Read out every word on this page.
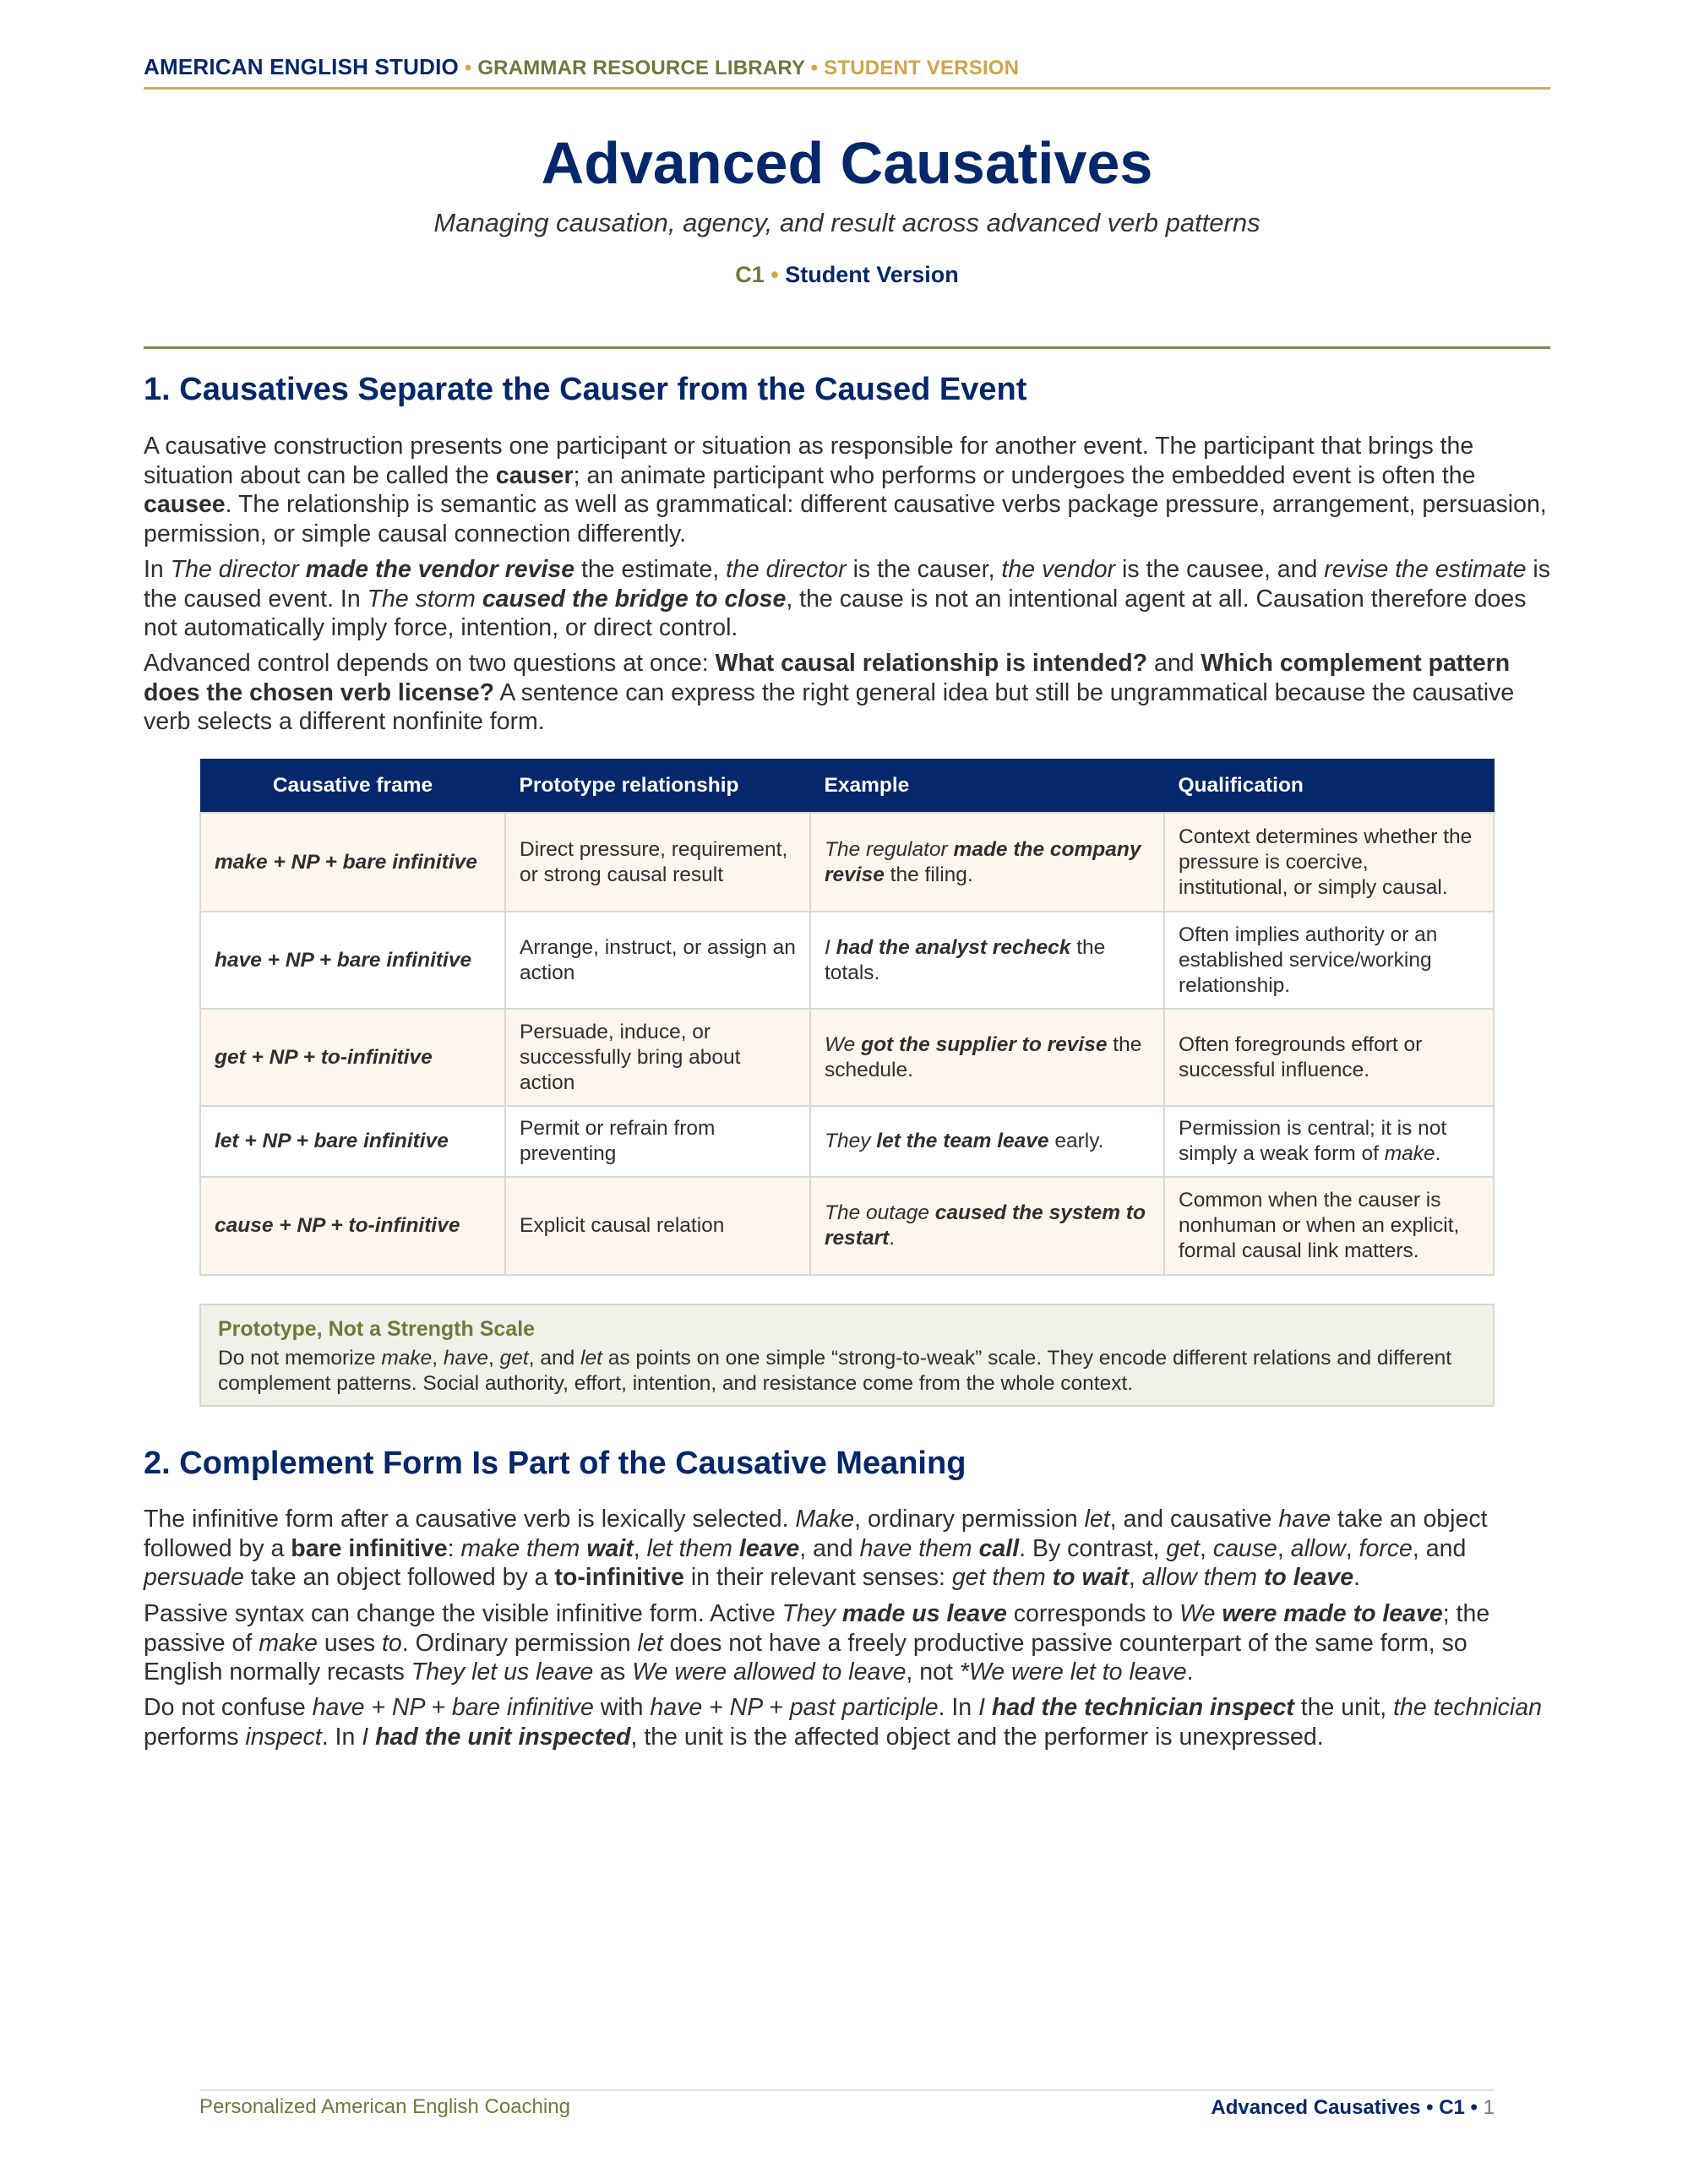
AMERICAN ENGLISH STUDIO • GRAMMAR RESOURCE LIBRARY • STUDENT VERSION
Advanced Causatives
Managing causation, agency, and result across advanced verb patterns
C1 • Student Version
1. Causatives Separate the Causer from the Caused Event

A causative construction presents one participant or situation as responsible for another event. The participant that brings the situation about can be called the causer; an animate participant who performs or undergoes the embedded event is often the causee. The relationship is semantic as well as grammatical: different causative verbs package pressure, arrangement, persuasion, permission, or simple causal connection differently.

In The director made the vendor revise the estimate, the director is the causer, the vendor is the causee, and revise the estimate is the caused event. In The storm caused the bridge to close, the cause is not an intentional agent at all. Causation therefore does not automatically imply force, intention, or direct control.

Advanced control depends on two questions at once: What causal relationship is intended? and Which complement pattern does the chosen verb license? A sentence can express the right general idea but still be ungrammatical because the causative verb selects a different nonfinite form.

Causative frame	Prototype relationship	Example	Qualification
make + NP + bare infinitive	Direct pressure, requirement, or strong causal result	The regulator made the company revise the filing.	Context determines whether the pressure is coercive, institutional, or simply causal.
have + NP + bare infinitive	Arrange, instruct, or assign an action	I had the analyst recheck the totals.	Often implies authority or an established service/working relationship.
get + NP + to-infinitive	Persuade, induce, or successfully bring about action	We got the supplier to revise the schedule.	Often foregrounds effort or successful influence.
let + NP + bare infinitive	Permit or refrain from preventing	They let the team leave early.	Permission is central; it is not simply a weak form of make.
cause + NP + to-infinitive	Explicit causal relation	The outage caused the system to restart.	Common when the causer is nonhuman or when an explicit, formal causal link matters.
Prototype, Not a Strength Scale
Do not memorize make, have, get, and let as points on one simple “strong-to-weak” scale. They encode different relations and different complement patterns. Social authority, effort, intention, and resistance come from the whole context.
2. Complement Form Is Part of the Causative Meaning

The infinitive form after a causative verb is lexically selected. Make, ordinary permission let, and causative have take an object followed by a bare infinitive: make them wait, let them leave, and have them call. By contrast, get, cause, allow, force, and persuade take an object followed by a to-infinitive in their relevant senses: get them to wait, allow them to leave.

Passive syntax can change the visible infinitive form. Active They made us leave corresponds to We were made to leave; the passive of make uses to. Ordinary permission let does not have a freely productive passive counterpart of the same form, so English normally recasts They let us leave as We were allowed to leave, not *We were let to leave.

Do not confuse have + NP + bare infinitive with have + NP + past participle. In I had the technician inspect the unit, the technician performs inspect. In I had the unit inspected, the unit is the affected object and the performer is unexpressed.

Personalized American English Coaching	Advanced Causatives • C1 • 1
